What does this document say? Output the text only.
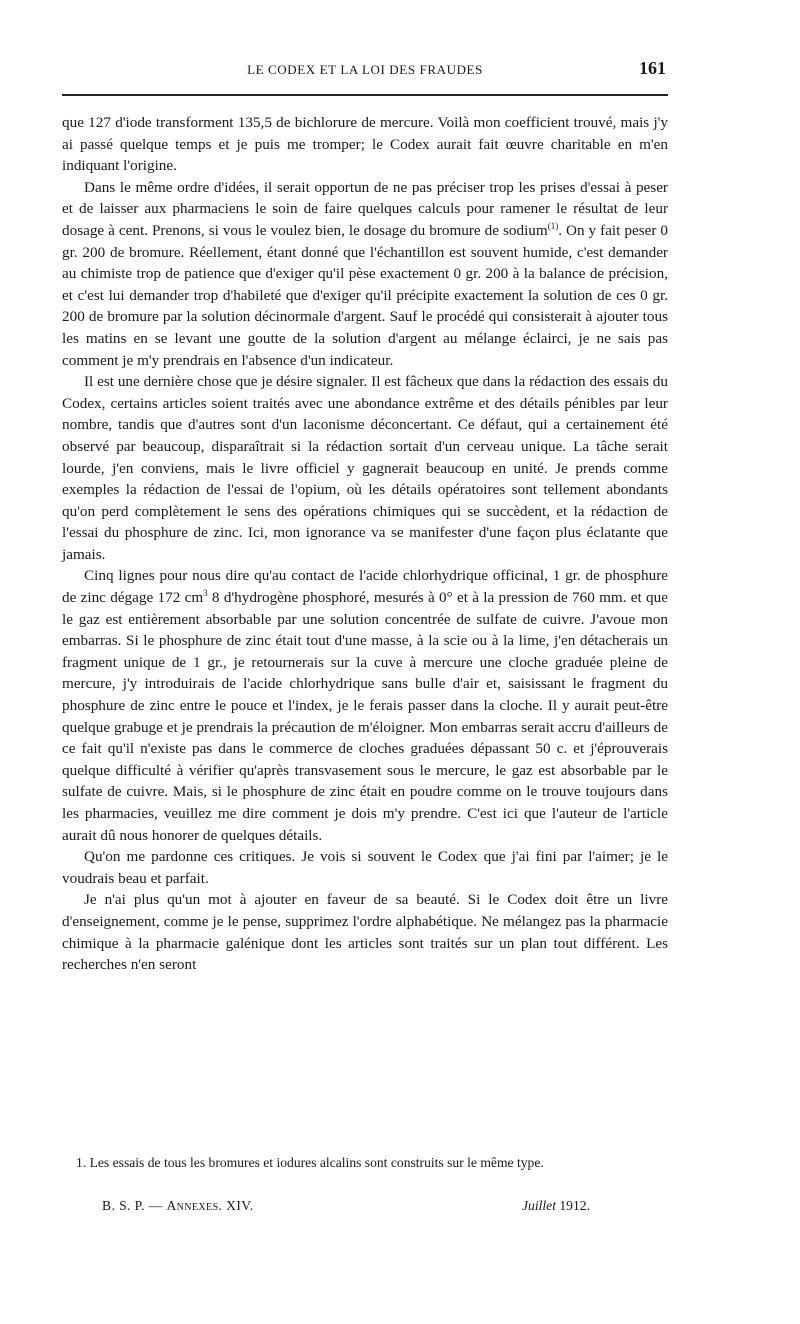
LE CODEX ET LA LOI DES FRAUDES	161

que 127 d'iode transforment 135,5 de bichlorure de mercure. Voilà mon coefficient trouvé, mais j'y ai passé quelque temps et je puis me tromper; le Codex aurait fait œuvre charitable en m'en indiquant l'origine.

Dans le même ordre d'idées, il serait opportun de ne pas préciser trop les prises d'essai à peser et de laisser aux pharmaciens le soin de faire quelques calculs pour ramener le résultat de leur dosage à cent. Prenons, si vous le voulez bien, le dosage du bromure de sodium$^{(1)}$. On y fait peser 0 gr. 200 de bromure. Réellement, étant donné que l'échantillon est souvent humide, c'est demander au chimiste trop de patience que d'exiger qu'il pèse exactement 0 gr. 200 à la balance de précision, et c'est lui demander trop d'habileté que d'exiger qu'il précipite exactement la solution de ces 0 gr. 200 de bromure par la solution décinormale d'argent. Sauf le procédé qui consisterait à ajouter tous les matins en se levant une goutte de la solution d'argent au mélange éclairci, je ne sais pas comment je m'y prendrais en l'absence d'un indicateur.

Il est une dernière chose que je désire signaler. Il est fâcheux que dans la rédaction des essais du Codex, certains articles soient traités avec une abondance extrême et des détails pénibles par leur nombre, tandis que d'autres sont d'un laconisme déconcertant. Ce défaut, qui a certainement été observé par beaucoup, disparaîtrait si la rédaction sortait d'un cerveau unique. La tâche serait lourde, j'en conviens, mais le livre officiel y gagnerait beaucoup en unité. Je prends comme exemples la rédaction de l'essai de l'opium, où les détails opératoires sont tellement abondants qu'on perd complètement le sens des opérations chimiques qui se succèdent, et la rédaction de l'essai du phosphure de zinc. Ici, mon ignorance va se manifester d'une façon plus éclatante que jamais.

Cinq lignes pour nous dire qu'au contact de l'acide chlorhydrique officinal, 1 gr. de phosphure de zinc dégage 172 cm$^3$ 8 d'hydrogène phosphoré, mesurés à 0° et à la pression de 760 mm. et que le gaz est entièrement absorbable par une solution concentrée de sulfate de cuivre. J'avoue mon embarras. Si le phosphure de zinc était tout d'une masse, à la scie ou à la lime, j'en détacherais un fragment unique de 1 gr., je retournerais sur la cuve à mercure une cloche graduée pleine de mercure, j'y introduirais de l'acide chlorhydrique sans bulle d'air et, saisissant le fragment du phosphure de zinc entre le pouce et l'index, je le ferais passer dans la cloche. Il y aurait peut-être quelque grabuge et je prendrais la précaution de m'éloigner. Mon embarras serait accru d'ailleurs de ce fait qu'il n'existe pas dans le commerce de cloches graduées dépassant 50 c. et j'éprouverais quelque difficulté à vérifier qu'après transvasement sous le mercure, le gaz est absorbable par le sulfate de cuivre. Mais, si le phosphure de zinc était en poudre comme on le trouve toujours dans les pharmacies, veuillez me dire comment je dois m'y prendre. C'est ici que l'auteur de l'article aurait dû nous honorer de quelques détails.

Qu'on me pardonne ces critiques. Je vois si souvent le Codex que j'ai fini par l'aimer; je le voudrais beau et parfait.

Je n'ai plus qu'un mot à ajouter en faveur de sa beauté. Si le Codex doit être un livre d'enseignement, comme je le pense, supprimez l'ordre alphabétique. Ne mélangez pas la pharmacie chimique à la pharmacie galénique dont les articles sont traités sur un plan tout différent. Les recherches n'en seront

1. Les essais de tous les bromures et iodures alcalins sont construits sur le même type.
B. S. P. — Annexes. XIV.	Juillet 1912.
